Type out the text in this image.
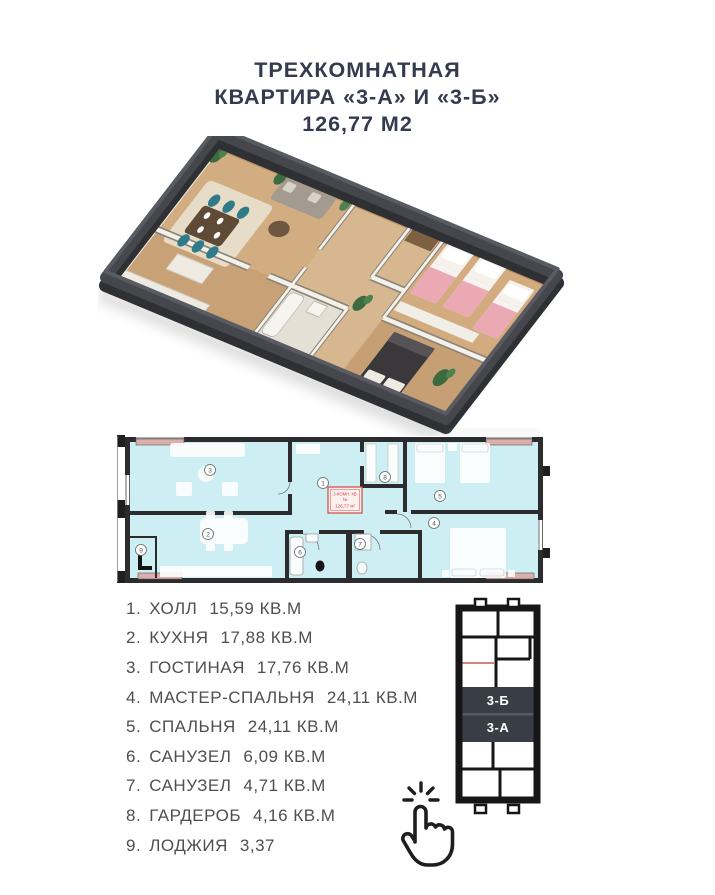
ТРЕХКОМНАТНАЯ
КВАРТИРА «3-А» И «3-Б»
126,77 М2
1
2
3
4
5
6
7
8
9
3-КОМН. КВ
№
126,77 м²
1. ХОЛЛ 15,59 КВ.М
2. КУХНЯ 17,88 КВ.М
3. ГОСТИНАЯ 17,76 КВ.М
4. МАСТЕР-СПАЛЬНЯ 24,11 КВ.М
5. СПАЛЬНЯ 24,11 КВ.М
6. САНУЗЕЛ 6,09 КВ.М
7. САНУЗЕЛ 4,71 КВ.М
8. ГАРДЕРОБ 4,16 КВ.М
9. ЛОДЖИЯ 3,37
3-Б
3-А
